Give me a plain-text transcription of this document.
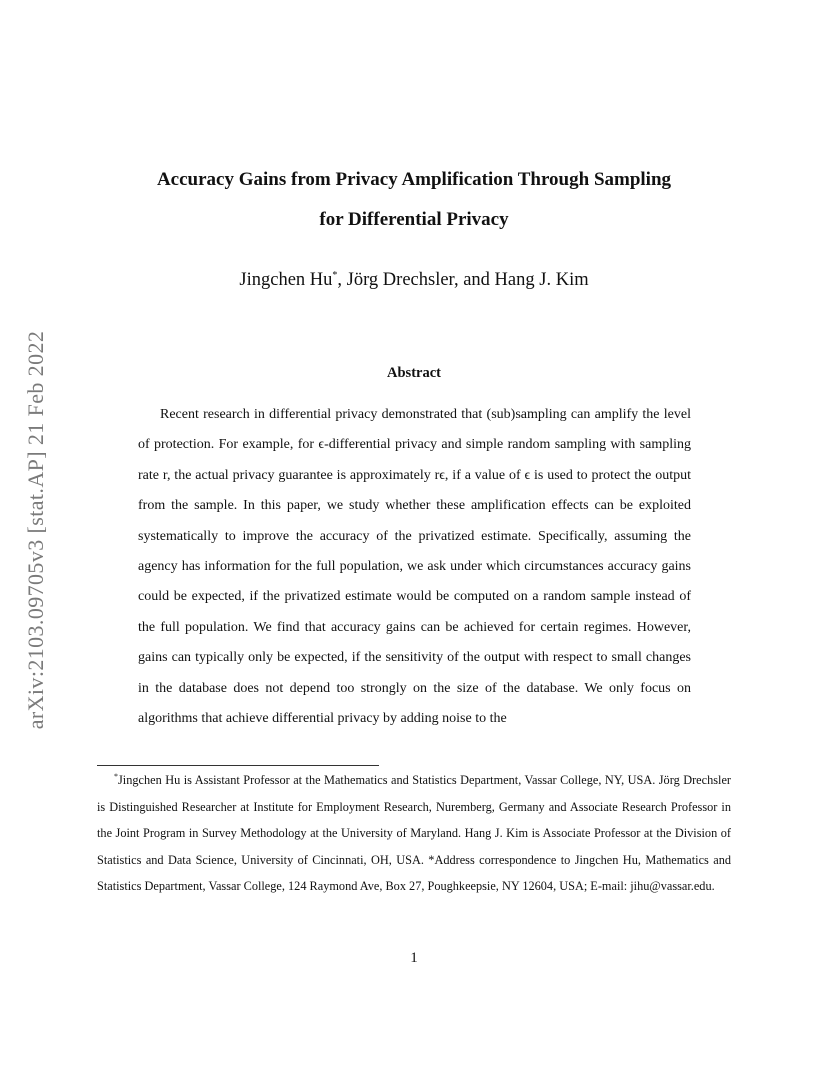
arXiv:2103.09705v3 [stat.AP] 21 Feb 2022
Accuracy Gains from Privacy Amplification Through Sampling
for Differential Privacy
Jingchen Hu*, Jörg Drechsler, and Hang J. Kim
Abstract
Recent research in differential privacy demonstrated that (sub)sampling can amplify the level of protection. For example, for ϵ-differential privacy and simple random sampling with sampling rate r, the actual privacy guarantee is approximately rϵ, if a value of ϵ is used to protect the output from the sample. In this paper, we study whether these amplification effects can be exploited systematically to improve the accuracy of the privatized estimate. Specifically, assuming the agency has information for the full population, we ask under which circumstances accuracy gains could be expected, if the privatized estimate would be computed on a random sample instead of the full population. We find that accuracy gains can be achieved for certain regimes. However, gains can typically only be expected, if the sensitivity of the output with respect to small changes in the database does not depend too strongly on the size of the database. We only focus on algorithms that achieve differential privacy by adding noise to the
*Jingchen Hu is Assistant Professor at the Mathematics and Statistics Department, Vassar College, NY, USA. Jörg Drechsler is Distinguished Researcher at Institute for Employment Research, Nuremberg, Germany and Associate Research Professor in the Joint Program in Survey Methodology at the University of Maryland. Hang J. Kim is Associate Professor at the Division of Statistics and Data Science, University of Cincinnati, OH, USA. *Address correspondence to Jingchen Hu, Mathematics and Statistics Department, Vassar College, 124 Raymond Ave, Box 27, Poughkeepsie, NY 12604, USA; E-mail: jihu@vassar.edu.
1
